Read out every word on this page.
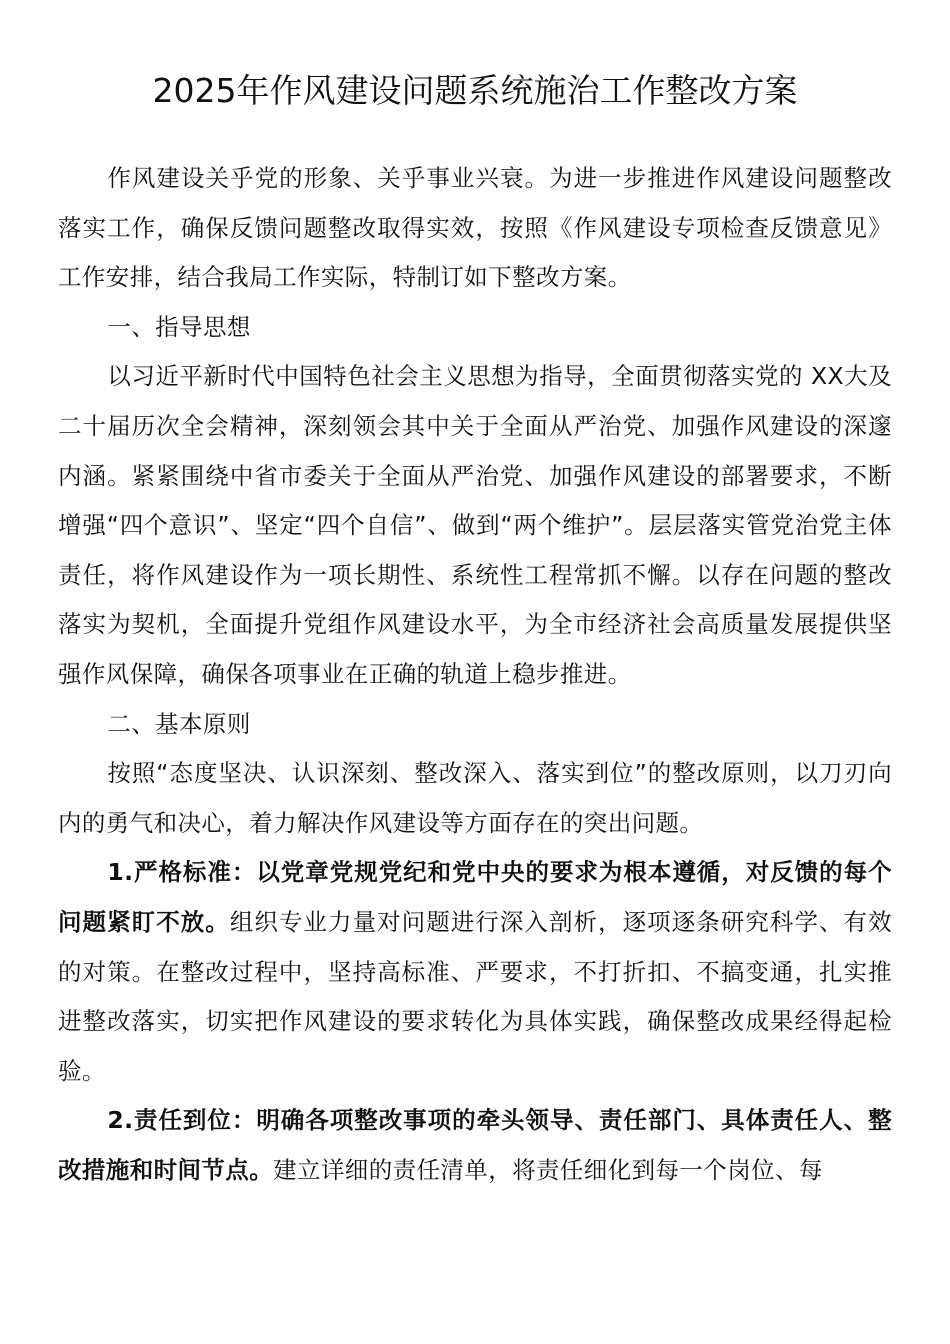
2025年作风建设问题系统施治工作整改方案

作风建设关乎党的形象、关乎事业兴衰。为进一步推进作风建设问题整改落实工作，确保反馈问题整改取得实效，按照《作风建设专项检查反馈意见》工作安排，结合我局工作实际，特制订如下整改方案。

一、指导思想

以习近平新时代中国特色社会主义思想为指导，全面贯彻落实党的 XX大及二十届历次全会精神，深刻领会其中关于全面从严治党、加强作风建设的深邃内涵。紧紧围绕中省市委关于全面从严治党、加强作风建设的部署要求，不断增强“四个意识”、坚定“四个自信”、做到“两个维护”。层层落实管党治党主体责任，将作风建设作为一项长期性、系统性工程常抓不懈。以存在问题的整改落实为契机，全面提升党组作风建设水平，为全市经济社会高质量发展提供坚强作风保障，确保各项事业在正确的轨道上稳步推进。

二、基本原则

按照“态度坚决、认识深刻、整改深入、落实到位”的整改原则，以刀刃向内的勇气和决心，着力解决作风建设等方面存在的突出问题。

1.严格标准：以党章党规党纪和党中央的要求为根本遵循，对反馈的每个问题紧盯不放。组织专业力量对问题进行深入剖析，逐项逐条研究科学、有效的对策。在整改过程中，坚持高标准、严要求，不打折扣、不搞变通，扎实推进整改落实，切实把作风建设的要求转化为具体实践，确保整改成果经得起检验。

2.责任到位：明确各项整改事项的牵头领导、责任部门、具体责任人、整改措施和时间节点。建立详细的责任清单，将责任细化到每一个岗位、每
